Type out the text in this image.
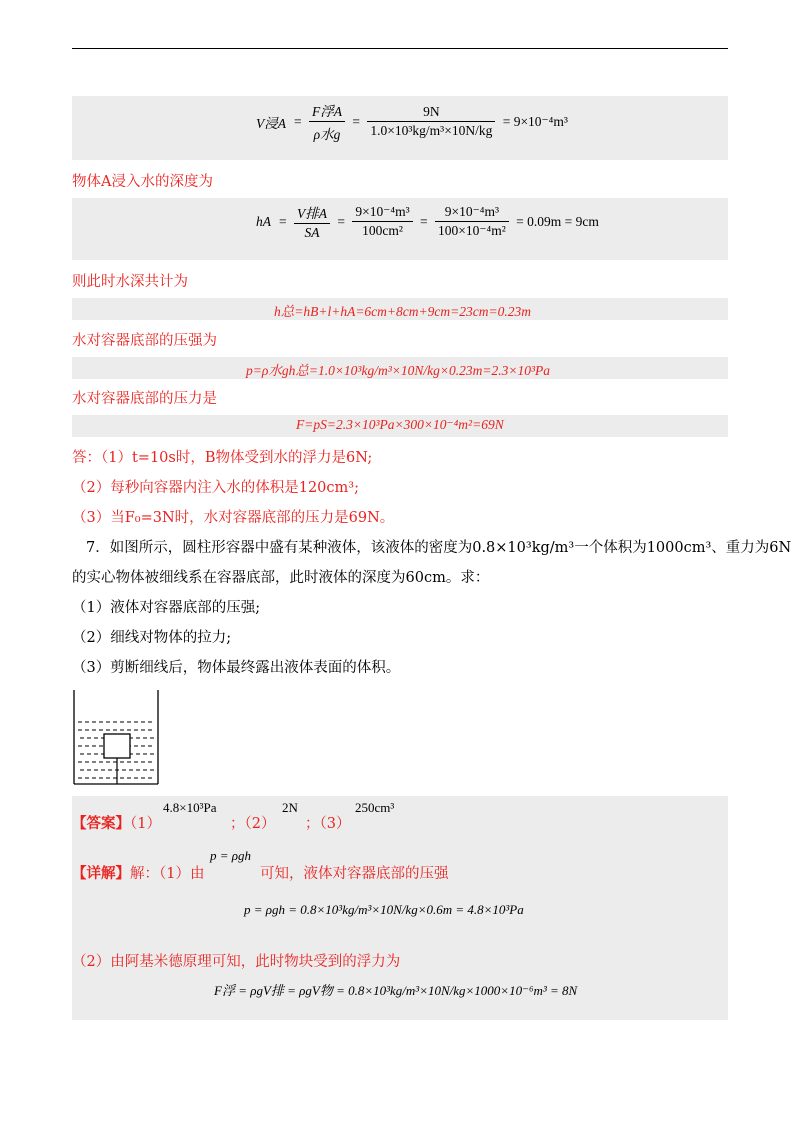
V浸$A = \frac{\text{F浮A}}{\text{ρ水g}} = \frac{9N}{\text{1.0×10³kg/m³×10N/kg}} = 9\times 10^{-4}m^3$
物体A浸入水的深度为
hA = $\frac{\text{V排A}}{SA} = \frac{\text{9×10⁻⁴m³}}{\text{100cm²}} = \frac{\text{9×10⁻⁴m³}}{\text{100×10⁻⁴m²}} = 0.09m = 9cm$
则此时水深共计为
h总=hB+l+hA=6cm+8cm+9cm=23cm=0.23m
水对容器底部的压强为
p=ρ水gh总=1.0×10³kg/m³×10N/kg×0.23m=2.3×10³Pa
水对容器底部的压力是
F=pS=2.3×10³Pa×300×10⁻⁴m²=69N
答：（1）t=10s时，B物体受到水的浮力是6N;
（2）每秒向容器内注入水的体积是120cm³;
（3）当F₀=3N时，水对容器底部的压力是69N。
7．如图所示，圆柱形容器中盛有某种液体，该液体的密度为0.8×10³kg/m³一个体积为1000cm³、重力为6N
的实心物体被细线系在容器底部，此时液体的深度为60cm。求：
（1）液体对容器底部的压强;
（2）细线对物体的拉力;
（3）剪断细线后，物体最终露出液体表面的体积。
【答案】（1）
4.8×10³Pa
；（2）
2N
；（3）
250cm³
【详解】解：（1）由
p = ρgh
可知，液体对容器底部的压强
p = ρgh = 0.8×10³kg/m³×10N/kg×0.6m = 4.8×10³Pa
（2）由阿基米德原理可知，此时物块受到的浮力为
F浮 = ρgV排 = ρgV物 = 0.8×10³kg/m³×10N/kg×1000×10⁻⁶m³ = 8N
